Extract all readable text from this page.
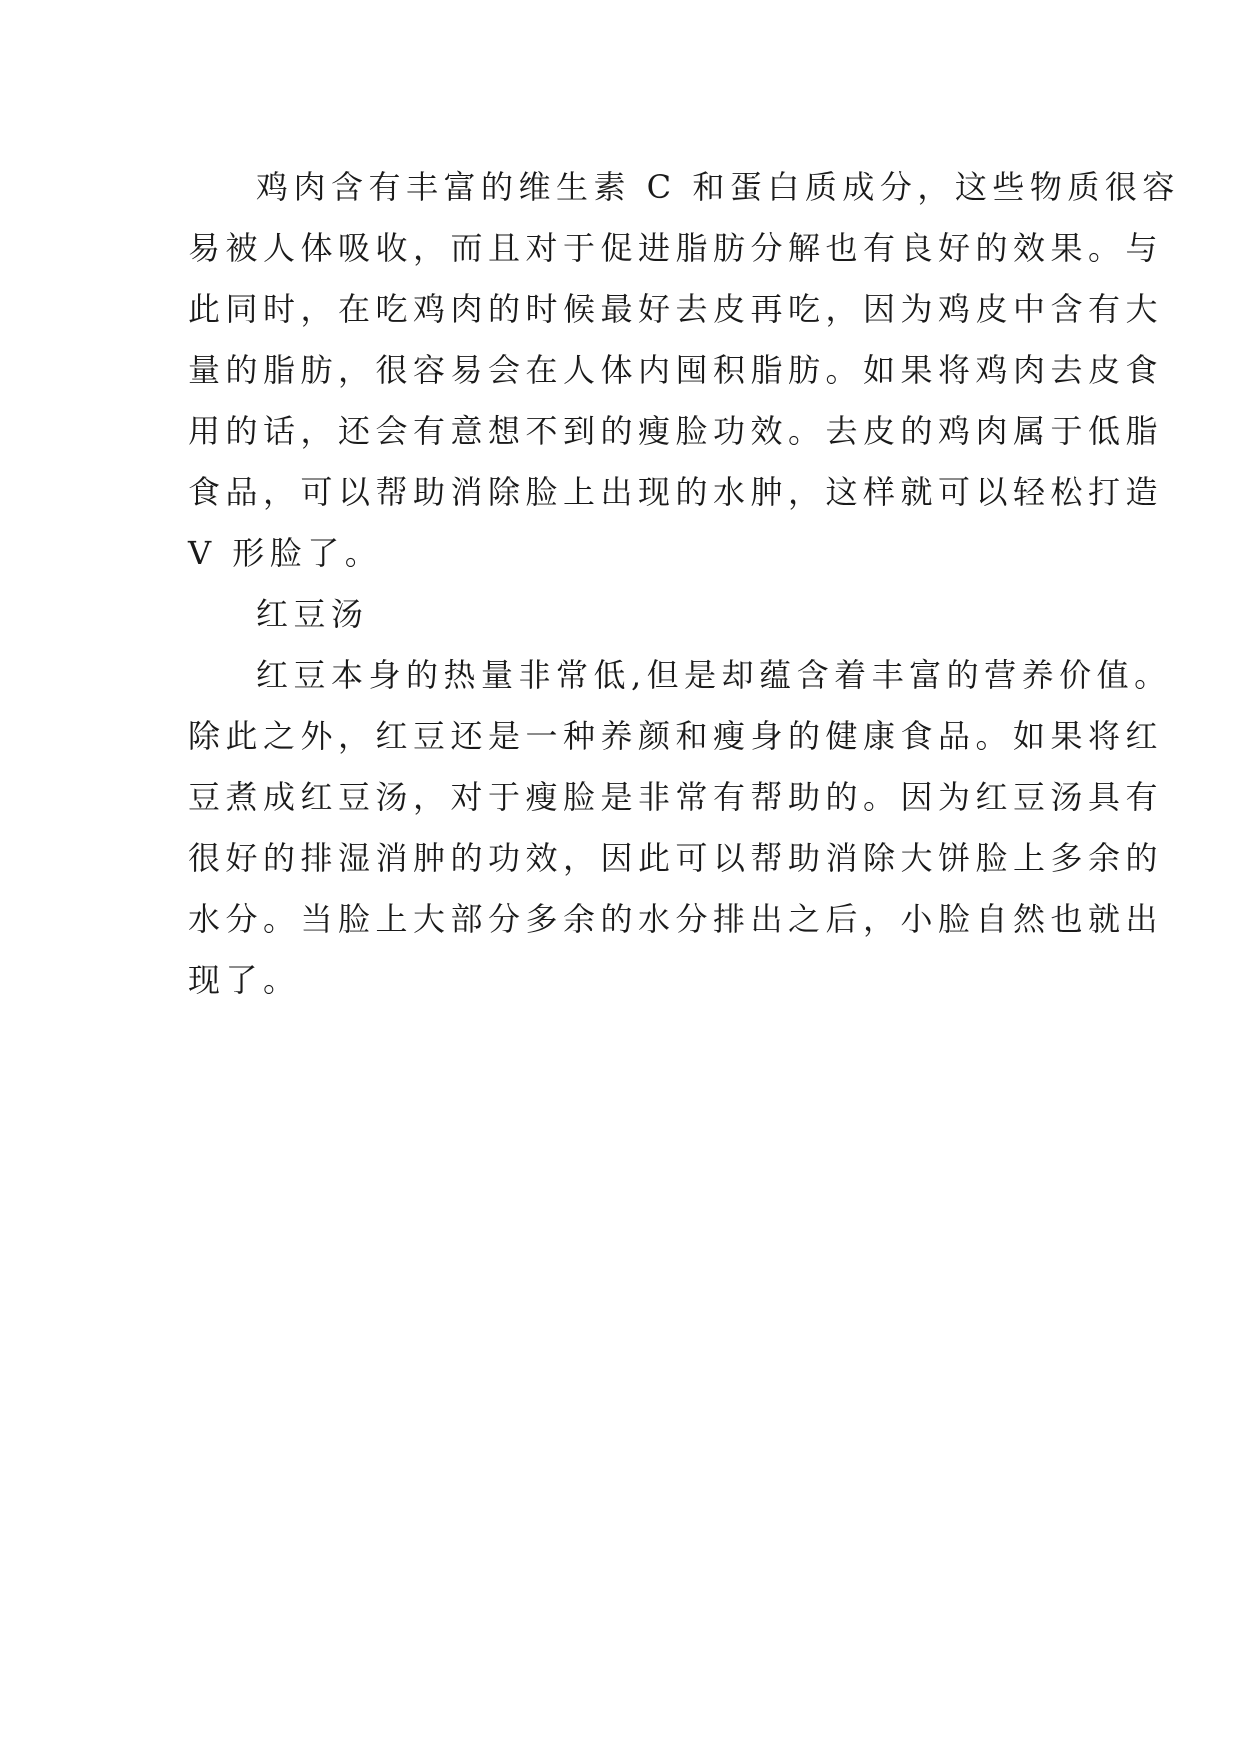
鸡肉含有丰富的维生素 C 和蛋白质成分，这些物质很容
易被人体吸收，而且对于促进脂肪分解也有良好的效果。与
此同时，在吃鸡肉的时候最好去皮再吃，因为鸡皮中含有大
量的脂肪，很容易会在人体内囤积脂肪。如果将鸡肉去皮食
用的话，还会有意想不到的瘦脸功效。去皮的鸡肉属于低脂
食品，可以帮助消除脸上出现的水肿，这样就可以轻松打造
V 形脸了。
红豆汤
红豆本身的热量非常低,但是却蕴含着丰富的营养价值。
除此之外，红豆还是一种养颜和瘦身的健康食品。如果将红
豆煮成红豆汤，对于瘦脸是非常有帮助的。因为红豆汤具有
很好的排湿消肿的功效，因此可以帮助消除大饼脸上多余的
水分。当脸上大部分多余的水分排出之后，小脸自然也就出
现了。
